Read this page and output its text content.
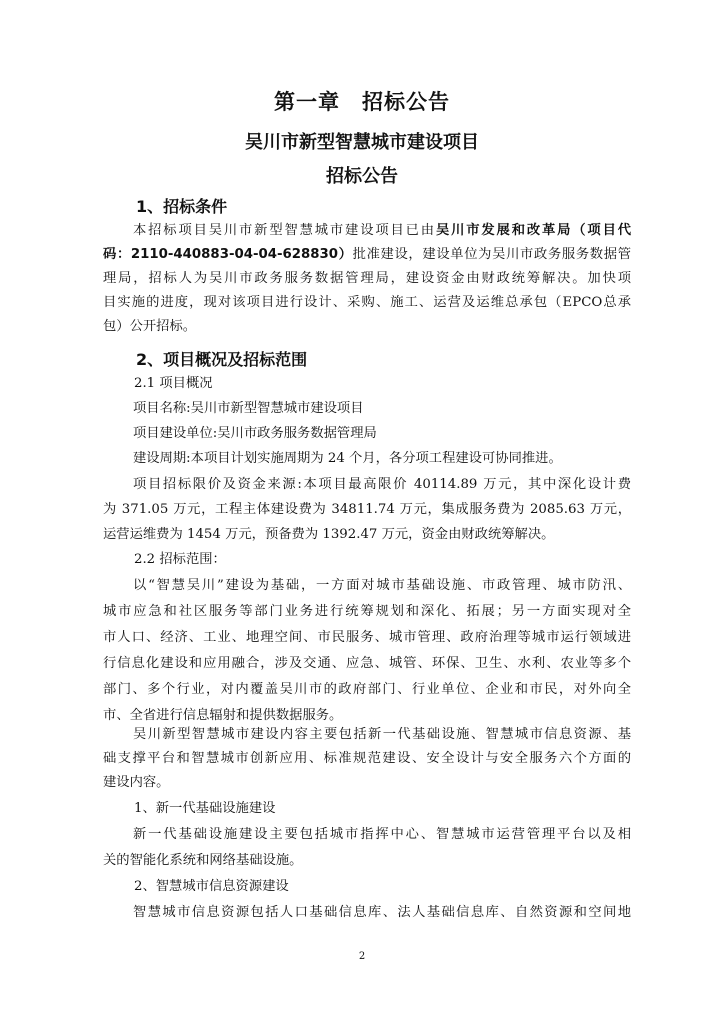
第一章　招标公告
吴川市新型智慧城市建设项目
招标公告
1、招标条件
本招标项目吴川市新型智慧城市建设项目已由吴川市发展和改革局（项目代
码：2110-440883-04-04-628830）批准建设，建设单位为吴川市政务服务数据管
理局，招标人为吴川市政务服务数据管理局，建设资金由财政统筹解决。加快项
目实施的进度，现对该项目进行设计、采购、施工、运营及运维总承包（EPCO总承
包）公开招标。
2、项目概况及招标范围
2.1 项目概况
项目名称:吴川市新型智慧城市建设项目
项目建设单位:吴川市政务服务数据管理局
建设周期:本项目计划实施周期为 24 个月，各分项工程建设可协同推进。
项目招标限价及资金来源:本项目最高限价 40114.89 万元，其中深化设计费
为 371.05 万元，工程主体建设费为 34811.74 万元，集成服务费为 2085.63 万元，
运营运维费为 1454 万元，预备费为 1392.47 万元，资金由财政统筹解决。
2.2 招标范围：
以“智慧吴川”建设为基础，一方面对城市基础设施、市政管理、城市防汛、
城市应急和社区服务等部门业务进行统筹规划和深化、拓展；另一方面实现对全
市人口、经济、工业、地理空间、市民服务、城市管理、政府治理等城市运行领域进
行信息化建设和应用融合，涉及交通、应急、城管、环保、卫生、水利、农业等多个
部门、多个行业，对内覆盖吴川市的政府部门、行业单位、企业和市民，对外向全
市、全省进行信息辐射和提供数据服务。
吴川新型智慧城市建设内容主要包括新一代基础设施、智慧城市信息资源、基
础支撑平台和智慧城市创新应用、标准规范建设、安全设计与安全服务六个方面的
建设内容。
1、新一代基础设施建设
新一代基础设施建设主要包括城市指挥中心、智慧城市运营管理平台以及相
关的智能化系统和网络基础设施。
2、智慧城市信息资源建设
智慧城市信息资源包括人口基础信息库、法人基础信息库、自然资源和空间地
2
